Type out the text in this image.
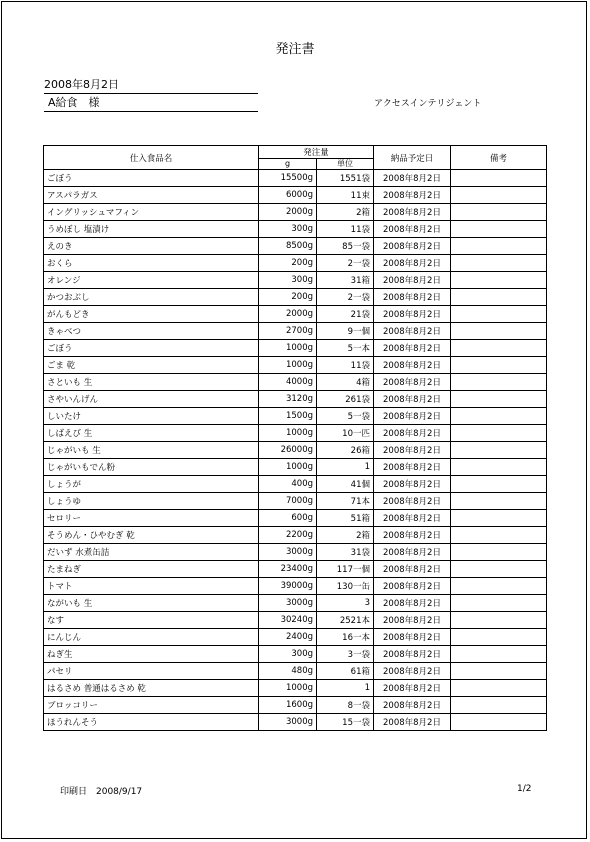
発注書
2008年8月2日
A給食　様	アクセスインテリジェント
仕入食品名	発注量		納品予定日	備考
	g	単位		
ごぼう	15500g	1551袋	2008年8月2日	
アスパラガス	6000g	11束	2008年8月2日	
イングリッシュマフィン	2000g	2箱	2008年8月2日	
うめぼし 塩漬け	300g	11袋	2008年8月2日	
えのき	8500g	85一袋	2008年8月2日	
おくら	200g	2一袋	2008年8月2日	
オレンジ	300g	31箱	2008年8月2日	
かつおぶし	200g	2一袋	2008年8月2日	
がんもどき	2000g	21袋	2008年8月2日	
きゃべつ	2700g	9一個	2008年8月2日	
ごぼう	1000g	5一本	2008年8月2日	
ごま 乾	1000g	11袋	2008年8月2日	
さといも 生	4000g	4箱	2008年8月2日	
さやいんげん	3120g	261袋	2008年8月2日	
しいたけ	1500g	5一袋	2008年8月2日	
しばえび 生	1000g	10一匹	2008年8月2日	
じゃがいも 生	26000g	26箱	2008年8月2日	
じゃがいもでん粉	1000g	1	2008年8月2日	
しょうが	400g	41個	2008年8月2日	
しょうゆ	7000g	71本	2008年8月2日	
セロリー	600g	51箱	2008年8月2日	
そうめん・ひやむぎ 乾	2200g	2箱	2008年8月2日	
だいず 水煮缶詰	3000g	31袋	2008年8月2日	
たまねぎ	23400g	117一個	2008年8月2日	
トマト	39000g	130一缶	2008年8月2日	
ながいも 生	3000g	3	2008年8月2日	
なす	30240g	2521本	2008年8月2日	
にんじん	2400g	16一本	2008年8月2日	
ねぎ生	300g	3一袋	2008年8月2日	
パセリ	480g	61箱	2008年8月2日	
はるさめ 普通はるさめ 乾	1000g	1	2008年8月2日	
ブロッコリー	1600g	8一袋	2008年8月2日	
ほうれんそう	3000g	15一袋	2008年8月2日	
印刷日　2008/9/17	1/2
